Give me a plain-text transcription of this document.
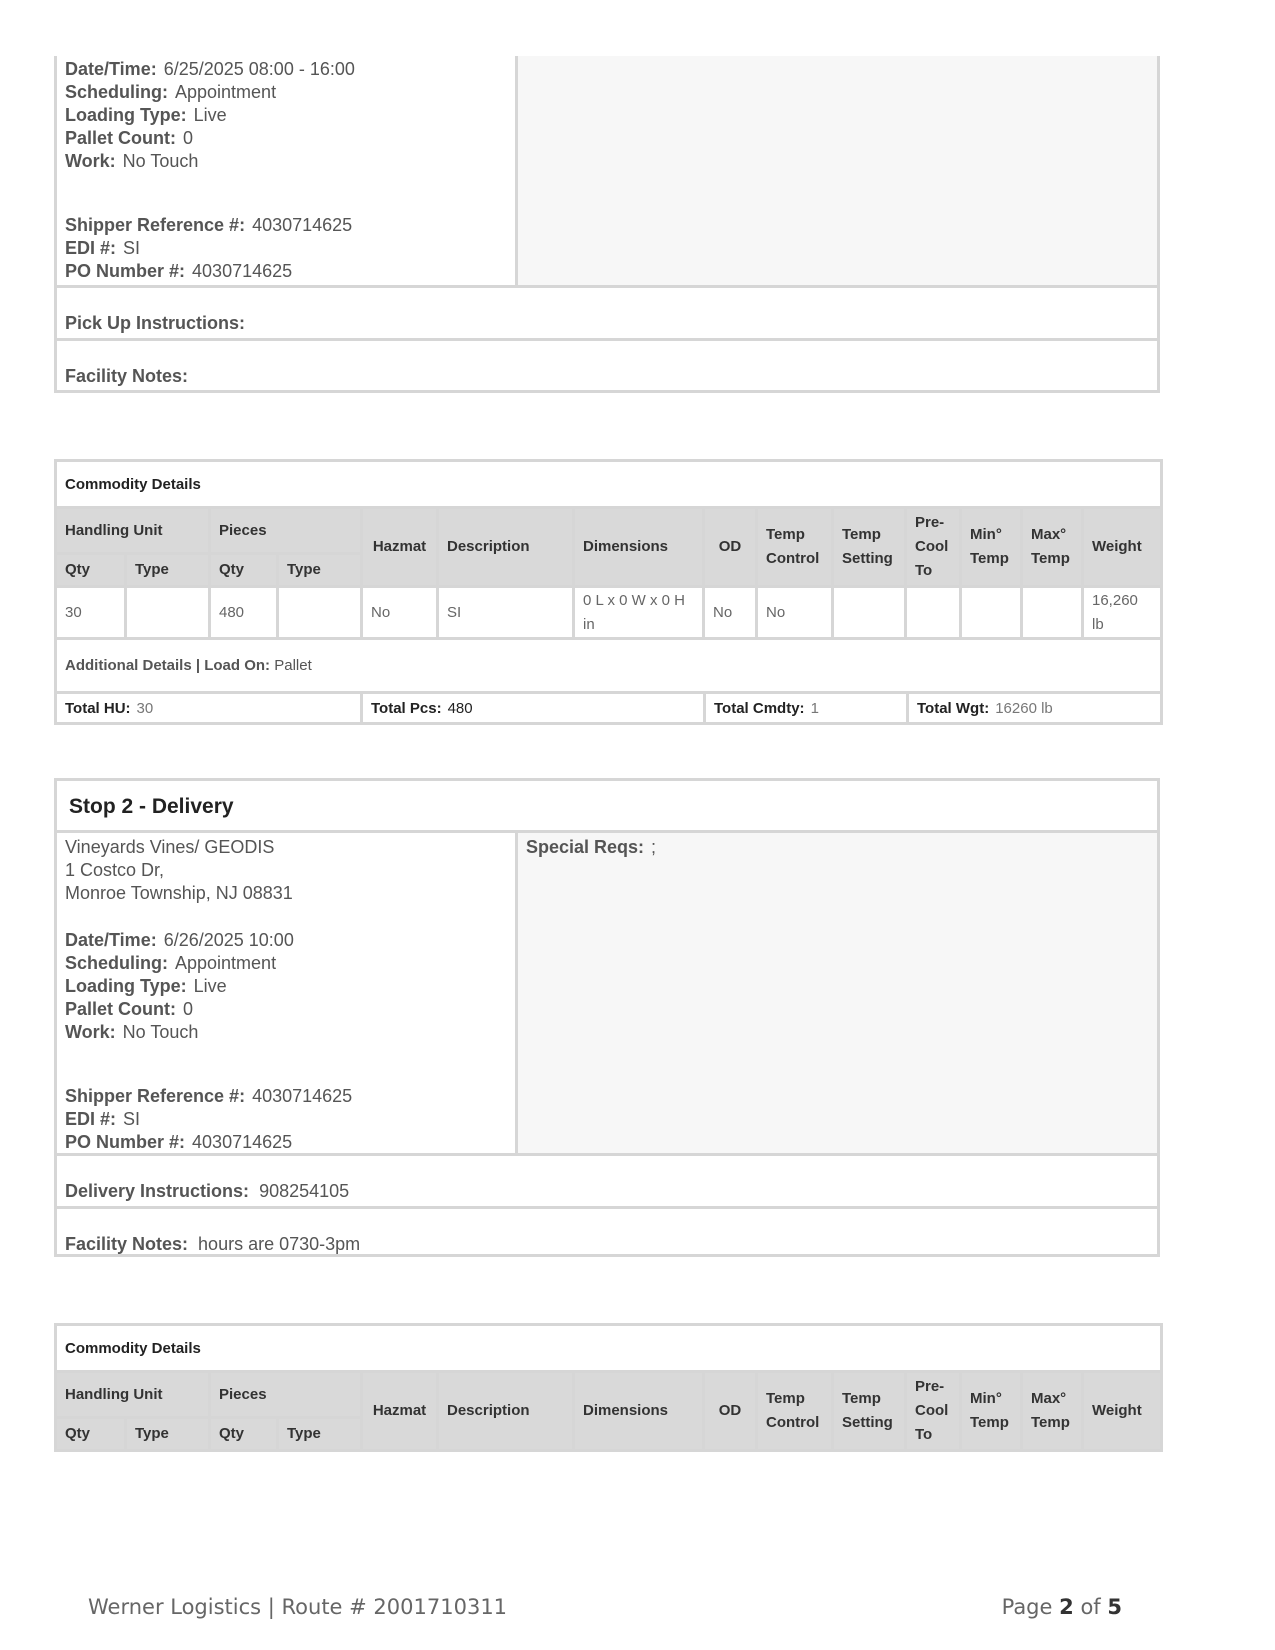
Date/Time: 6/25/2025 08:00 - 16:00
Scheduling: Appointment
Loading Type: Live
Pallet Count: 0
Work: No Touch
Shipper Reference #: 4030714625
EDI #: SI
PO Number #: 4030714625
Pick Up Instructions:
Facility Notes:
Commodity Details													
Handling Unit		Pieces		Hazmat	Description	Dimensions	OD	Temp Control	Temp Setting	Pre-Cool To	Min° Temp	Max° Temp	Weight
Qty	Type	Qty	Type										
30		480		No	SI	0 L x 0 W x 0 H in	No	No					16,260 lb
Additional Details | Load On: Pallet													
Total HU: 30	Total Pcs: 480	Total Cmdty: 1	Total Wgt: 16260 lb
Stop 2 - Delivery
Vineyards Vines/ GEODIS
1 Costco Dr,
Monroe Township, NJ 08831
Date/Time: 6/26/2025 10:00
Scheduling: Appointment
Loading Type: Live
Pallet Count: 0
Work: No Touch
Shipper Reference #: 4030714625
EDI #: SI
PO Number #: 4030714625
Special Reqs: ;
Delivery Instructions: 908254105
Facility Notes: hours are 0730-3pm
Commodity Details													
Handling Unit		Pieces		Hazmat	Description	Dimensions	OD	Temp Control	Temp Setting	Pre-Cool To	Min° Temp	Max° Temp	Weight
Qty	Type	Qty	Type										
Werner Logistics | Route # 2001710311	Page 2 of 5
